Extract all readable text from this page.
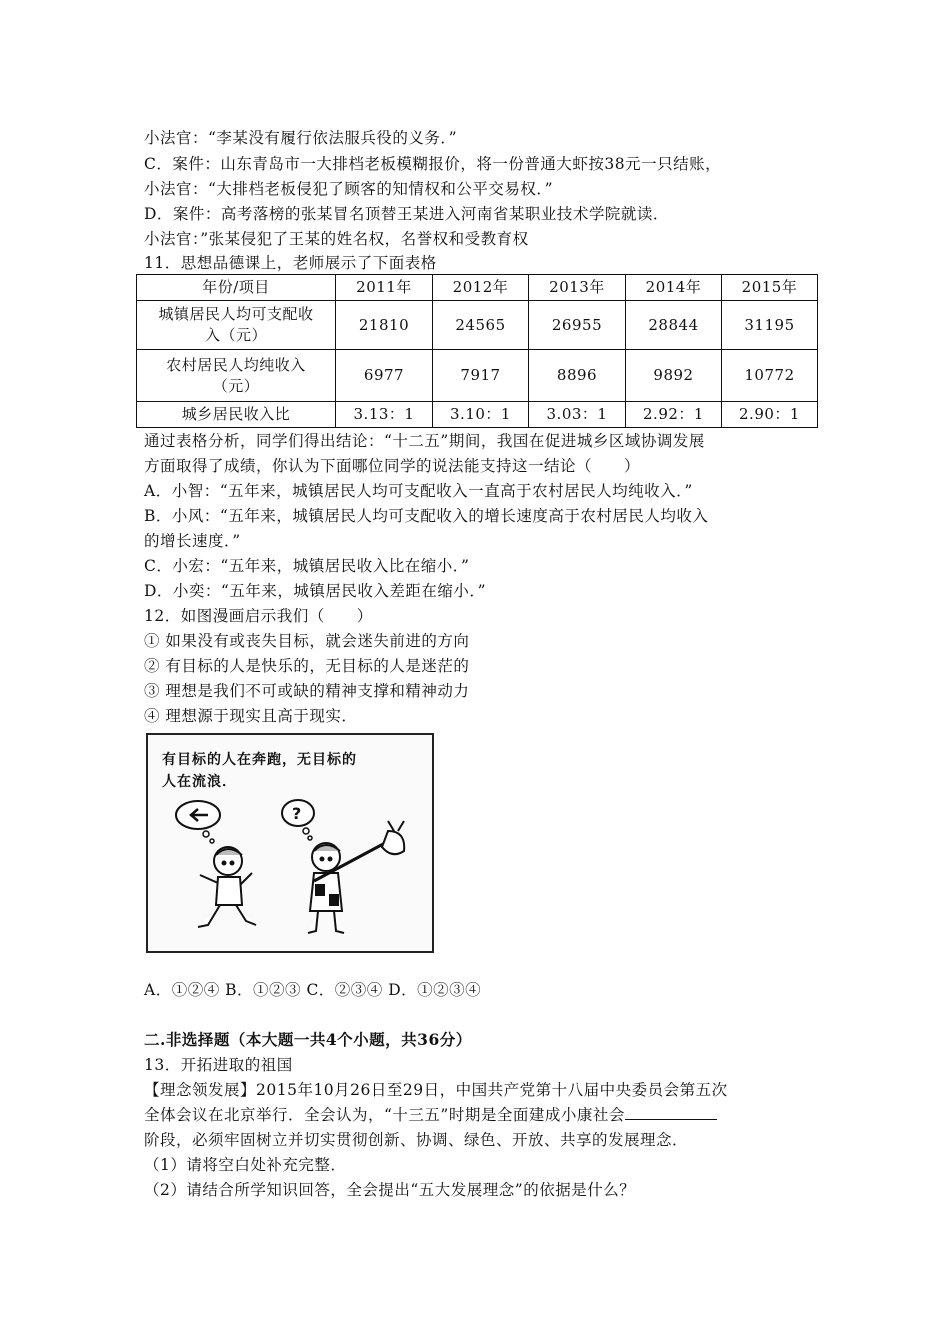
小法官：“李某没有履行依法服兵役的义务．”
C．案件：山东青岛市一大排档老板模糊报价，将一份普通大虾按38元一只结账，
小法官：“大排档老板侵犯了顾客的知情权和公平交易权．”
D．案件：高考落榜的张某冒名顶替王某进入河南省某职业技术学院就读．
小法官：”张某侵犯了王某的姓名权，名誉权和受教育权
11．思想品德课上，老师展示了下面表格
年份/项目	2011年	2012年	2013年	2014年	2015年

城镇居民人均可支配收
入（元）	21810	24565	26955	28844	31195

农村居民人均纯收入
（元）	6977	7917	8896	9892	10772
城乡居民收入比	3.13：1	3.10：1	3.03：1	2.92：1	2.90：1
通过表格分析，同学们得出结论：“十二五”期间，我国在促进城乡区域协调发展
方面取得了成绩，你认为下面哪位同学的说法能支持这一结论（　　）
A．小智：“五年来，城镇居民人均可支配收入一直高于农村居民人均纯收入．”
B．小风：“五年来，城镇居民人均可支配收入的增长速度高于农村居民人均收入
的增长速度．”
C．小宏：“五年来，城镇居民收入比在缩小．”
D．小奕：“五年来，城镇居民收入差距在缩小．”
12．如图漫画启示我们（　　）
① 如果没有或丧失目标，就会迷失前进的方向
② 有目标的人是快乐的，无目标的人是迷茫的
③ 理想是我们不可或缺的精神支撑和精神动力
④ 理想源于现实且高于现实．
有目标的人在奔跑，无目标的
人在流浪．
?
A．①②④ B．①②③ C．②③④ D．①②③④
二.非选择题（本大题一共4个小题，共36分）
13．开拓进取的祖国
【理念领发展】2015年10月26日至29日，中国共产党第十八届中央委员会第五次
全体会议在北京举行．全会认为，“十三五”时期是全面建成小康社会
阶段，必须牢固树立并切实贯彻创新、协调、绿色、开放、共享的发展理念．
（1）请将空白处补充完整．
（2）请结合所学知识回答，全会提出“五大发展理念”的依据是什么？
